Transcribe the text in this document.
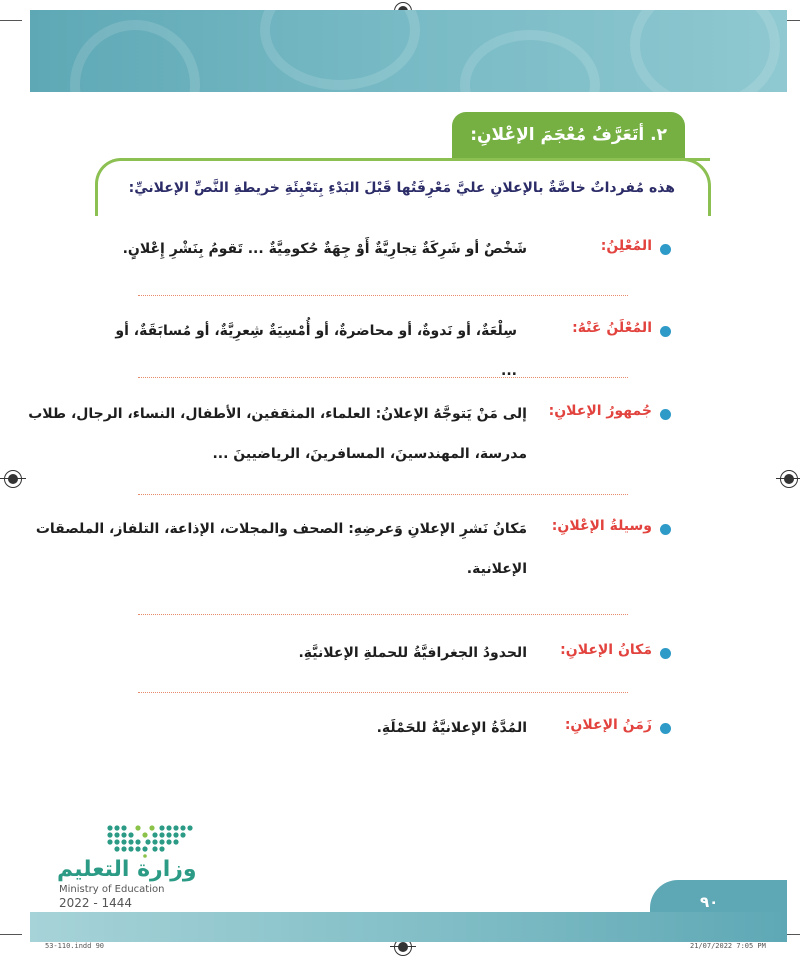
٢. أتَعَرَّفُ مُعْجَمَ الإعْلانِ:
هذه مُفرداتٌ خاصَّةٌ بالإعلانِ عليَّ مَعْرِفَتُها قَبْلَ البَدْءِ بِتَعْبِئَةِ خريطةِ النَّصِّ الإعلانيِّ:
المُعْلِنُ:
شَخْصٌ أو شَرِكَةٌ تِجارِيَّةٌ أَوْ جِهَةٌ حُكومِيَّةٌ ... تَقومُ بِنَشْرِ إِعْلانٍ.
المُعْلَنُ عَنْهُ:
سِلْعَةٌ، أو نَدوةٌ، أو محاضرةٌ، أو أُمْسِيَةٌ شِعرِيَّةٌ، أو مُسابَقَةٌ، أو ...
جُمهورُ الإعلانِ:
إلى مَنْ يَتوجَّهُ الإعلانُ: العلماء، المثقفين، الأطفال، النساء، الرجال، طلاب مدرسة، المهندسينَ، المسافرينَ، الرياضيينَ ...
وسيلةُ الإعْلانِ:
مَكانُ نَشرِ الإعلانِ وَعرضِهِ: الصحف والمجلات، الإذاعة، التلفاز، الملصقات الإعلانية.
مَكانُ الإعلانِ:
الحدودُ الجغرافيَّةُ للحملةِ الإعلانيَّةِ.
زَمَنُ الإعلانِ:
المُدَّةُ الإعلانيَّةُ للحَمْلَةِ.
وزارة التعليم
Ministry of Education
2022 - 1444	٩٠
53-110.indd 90	21/07/2022 7:05 PM
